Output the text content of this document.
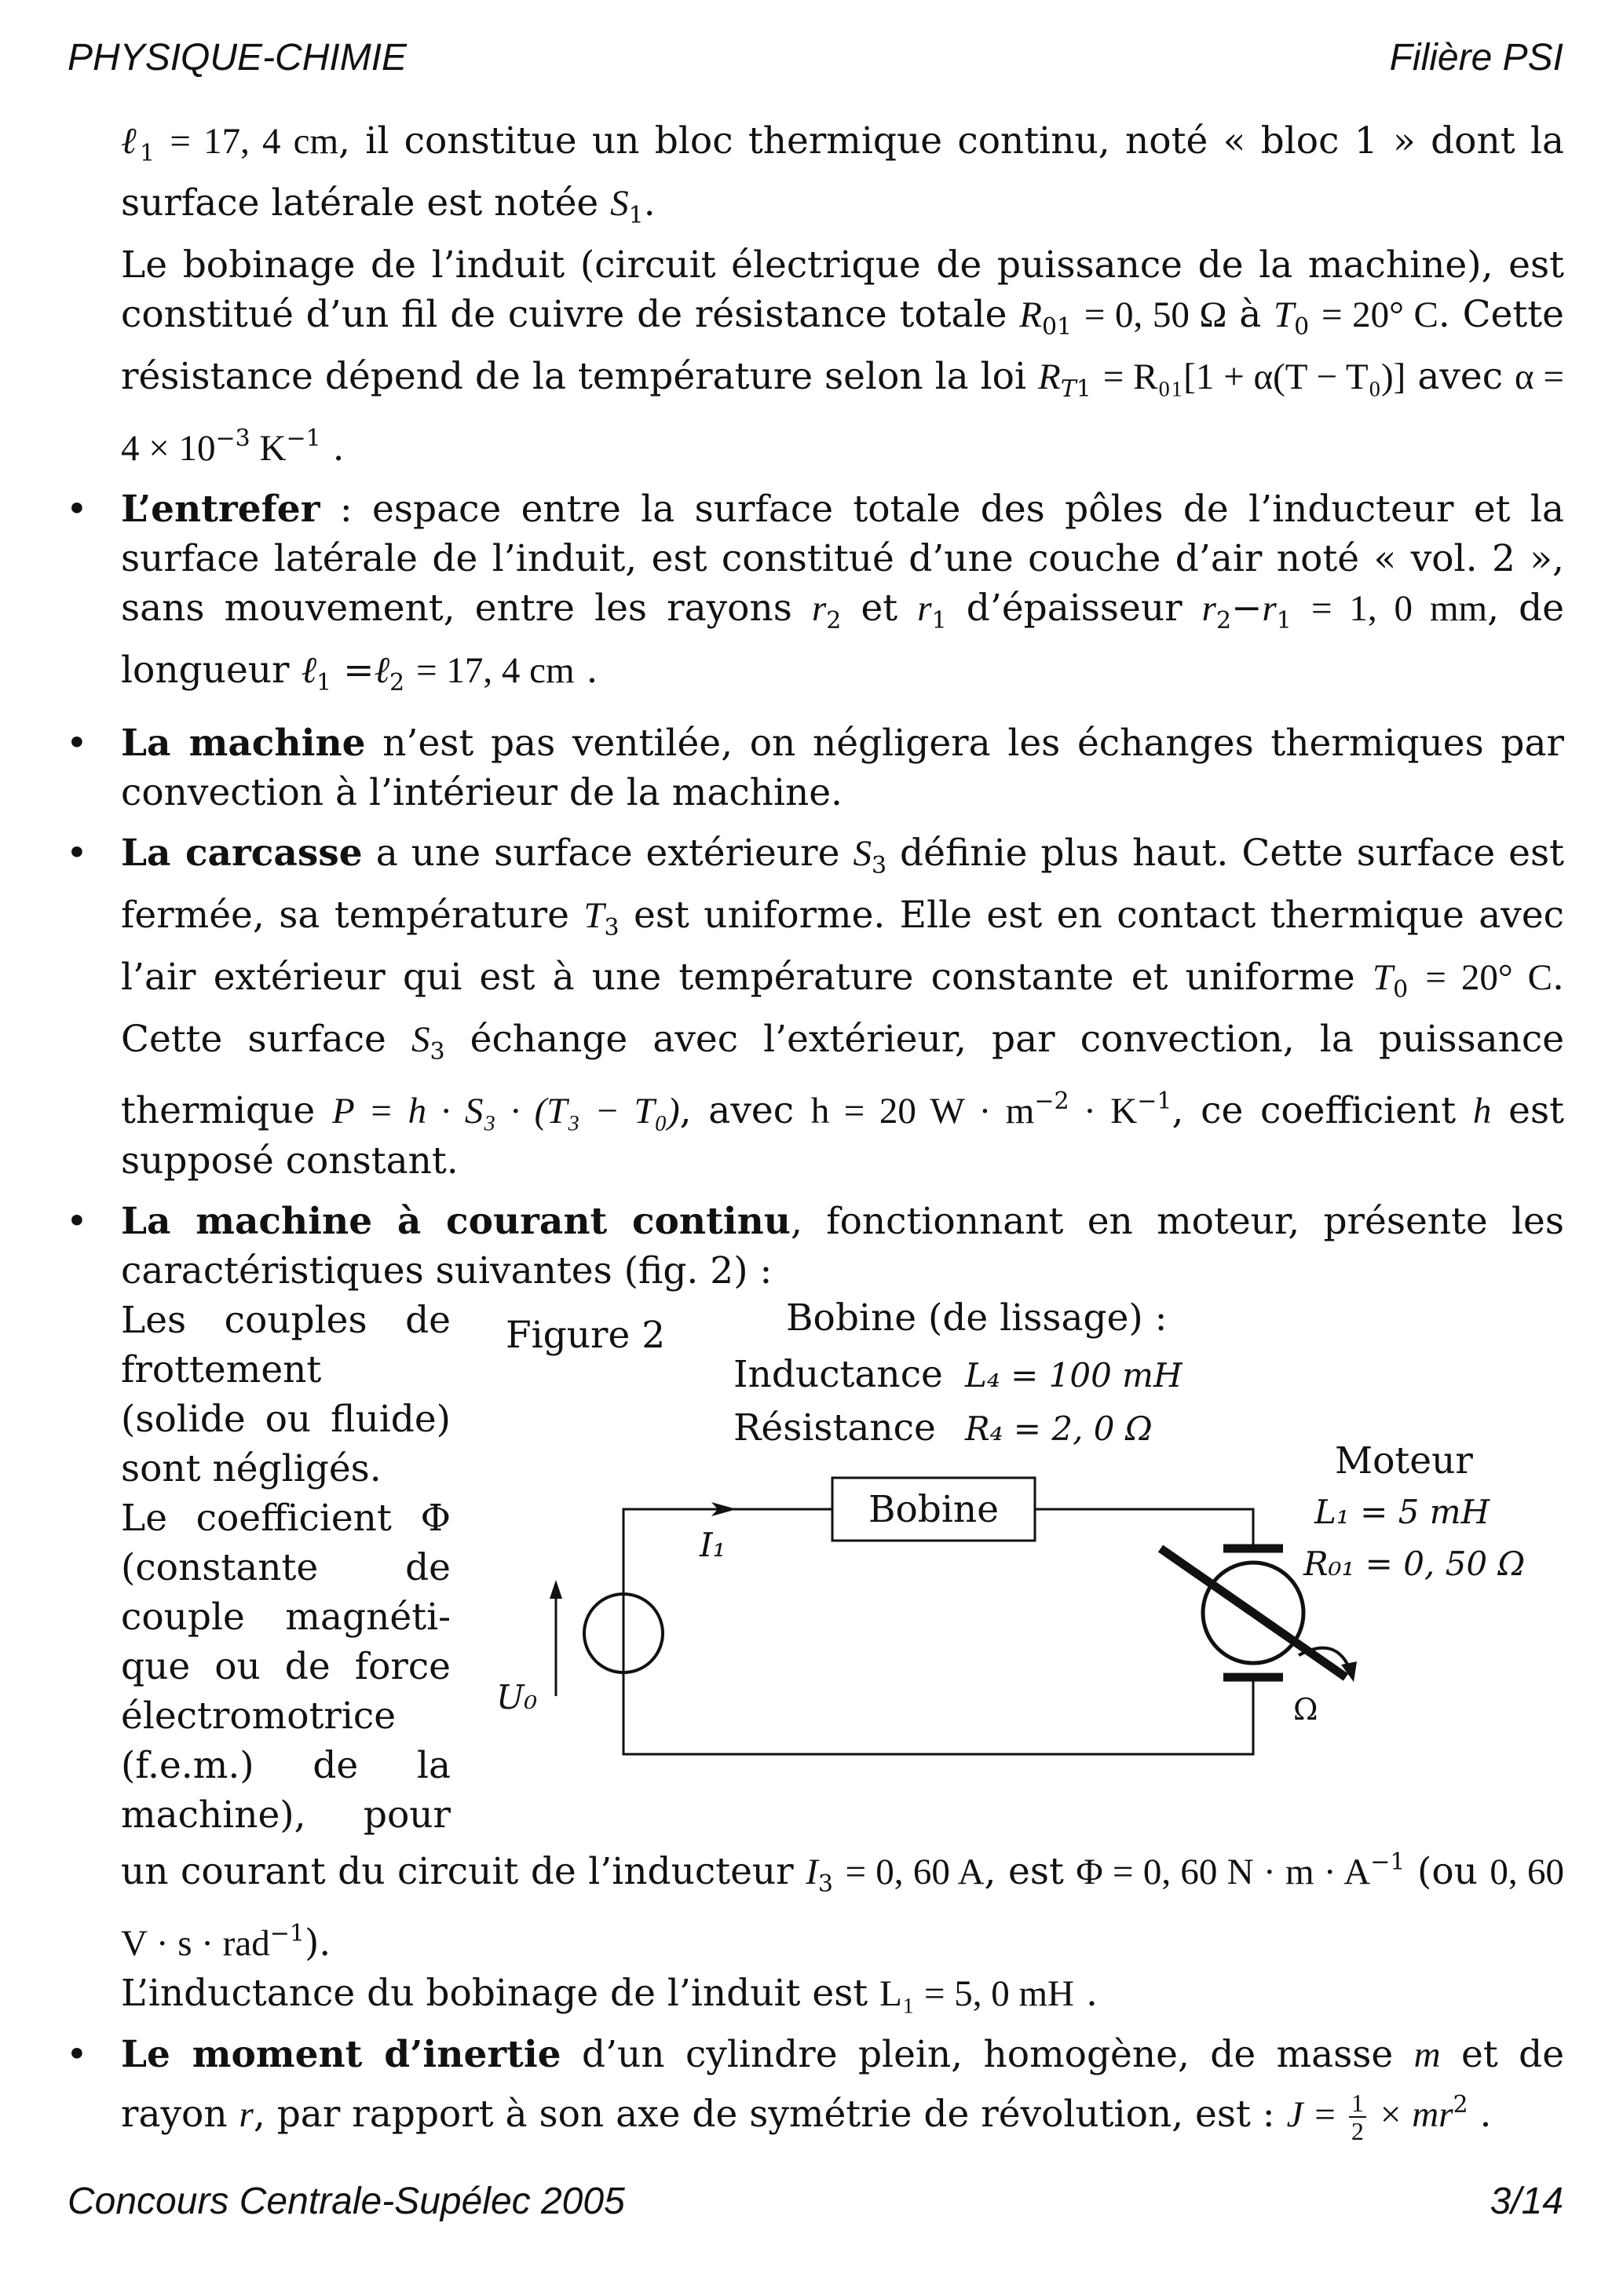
PHYSIQUE-CHIMIE	Filière PSI

ℓ$_1$ = 17, 4 cm, il constitue un bloc thermique continu, noté « bloc 1 » dont la surface latérale est notée $S_1$.

Le bobinage de l’induit (circuit électrique de puissance de la machine), est constitué d’un fil de cuivre de résistance totale $R_{01} = 0$, 50 Ω à $T_0 = 20^\circ$ C. Cette résistance dépend de la température selon la loi $R_{T1} = R_{01}[1 + \alpha(T - T_0)]$ avec $\alpha = 4 \times 10^{-3}$ $K^{-1}$ .

• L’entrefer : espace entre la surface totale des pôles de l’inducteur et la surface latérale de l’induit, est constitué d’une couche d’air noté « vol. 2 », sans mouvement, entre les rayons $r_2$ et $r_1$ d’épaisseur $r_2-r_1 = 1$, 0 mm, de longueur ℓ$_1$ =ℓ$_2$ = 17, 4 cm .

• La machine n’est pas ventilée, on négligera les échanges thermiques par convection à l’intérieur de la machine.

• La carcasse a une surface extérieure $S_3$ définie plus haut. Cette surface est fermée, sa température $T_3$ est uniforme. Elle est en contact thermique avec l’air extérieur qui est à une température constante et uniforme $T_0 = 20^\circ$ C. Cette surface $S_3$ échange avec l’extérieur, par convection, la puissance thermique P = h · S₃ · (T₃ − T₀), avec h = 20 $W \cdot m^{-2} \cdot K^{-1}$, ce coefficient h est supposé constant.

• La machine à courant continu, fonctionnant en moteur, présente les caractéristiques suivantes (fig. 2) :

Les couples de
frottement
(solide ou fluide)
sont négligés.
Le coefficient Φ
(constante de
couple magnéti-
que ou de force
électromotrice
(f.e.m.) de la
machine), pour
Figure 2	Bobine (de lissage) :
Inductance L₄ = 100 mH
Résistance R₄ = 2, 0 Ω
Moteur
L₁ = 5 mH
R₀₁ = 0, 50 Ω
I₁
Bobine
U₀	Ω

un courant du circuit de l’inducteur $I_3 = 0$, 60 A, est Φ = 0, 60 $N \cdot m \cdot A^{-1}$ (ou 0, 60 V · s · rad$^{-1}$).

L’inductance du bobinage de l’induit est L₁ = 5, 0 mH .

• Le moment d’inertie d’un cylindre plein, homogène, de masse m et de rayon r, par rapport à son axe de symétrie de révolution, est : $J = \frac{1}{2} \times mr^2$ .

Concours Centrale-Supélec 2005	3/14
